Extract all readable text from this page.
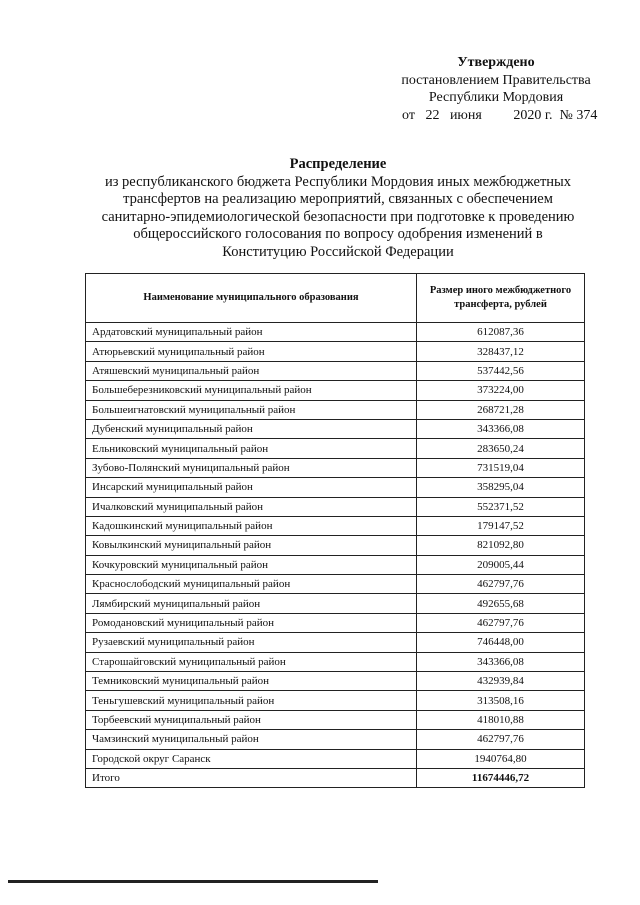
Утверждено
постановлением Правительства
Республики Мордовия
от 22 июня 2020 г. № 374
Распределение
из республиканского бюджета Республики Мордовия иных межбюджетных
трансфертов на реализацию мероприятий, связанных с обеспечением
санитарно-эпидемиологической безопасности при подготовке к проведению
общероссийского голосования по вопросу одобрения изменений в
Конституцию Российской Федерации
Наименование муниципального образования	Размер иного межбюджетного трансферта, рублей
Ардатовский муниципальный район	612087,36
Атюрьевский муниципальный район	328437,12
Атяшевский муниципальный район	537442,56
Большеберезниковский муниципальный район	373224,00
Большеигнатовский муниципальный район	268721,28
Дубенский муниципальный район	343366,08
Ельниковский муниципальный район	283650,24
Зубово-Полянский муниципальный район	731519,04
Инсарский муниципальный район	358295,04
Ичалковский муниципальный район	552371,52
Кадошкинский муниципальный район	179147,52
Ковылкинский муниципальный район	821092,80
Кочкуровский муниципальный район	209005,44
Краснослободский муниципальный район	462797,76
Лямбирский муниципальный район	492655,68
Ромодановский муниципальный район	462797,76
Рузаевский муниципальный район	746448,00
Старошайговский муниципальный район	343366,08
Темниковский муниципальный район	432939,84
Теньгушевский муниципальный район	313508,16
Торбеевский муниципальный район	418010,88
Чамзинский муниципальный район	462797,76
Городской округ Саранск	1940764,80
Итого	11674446,72
